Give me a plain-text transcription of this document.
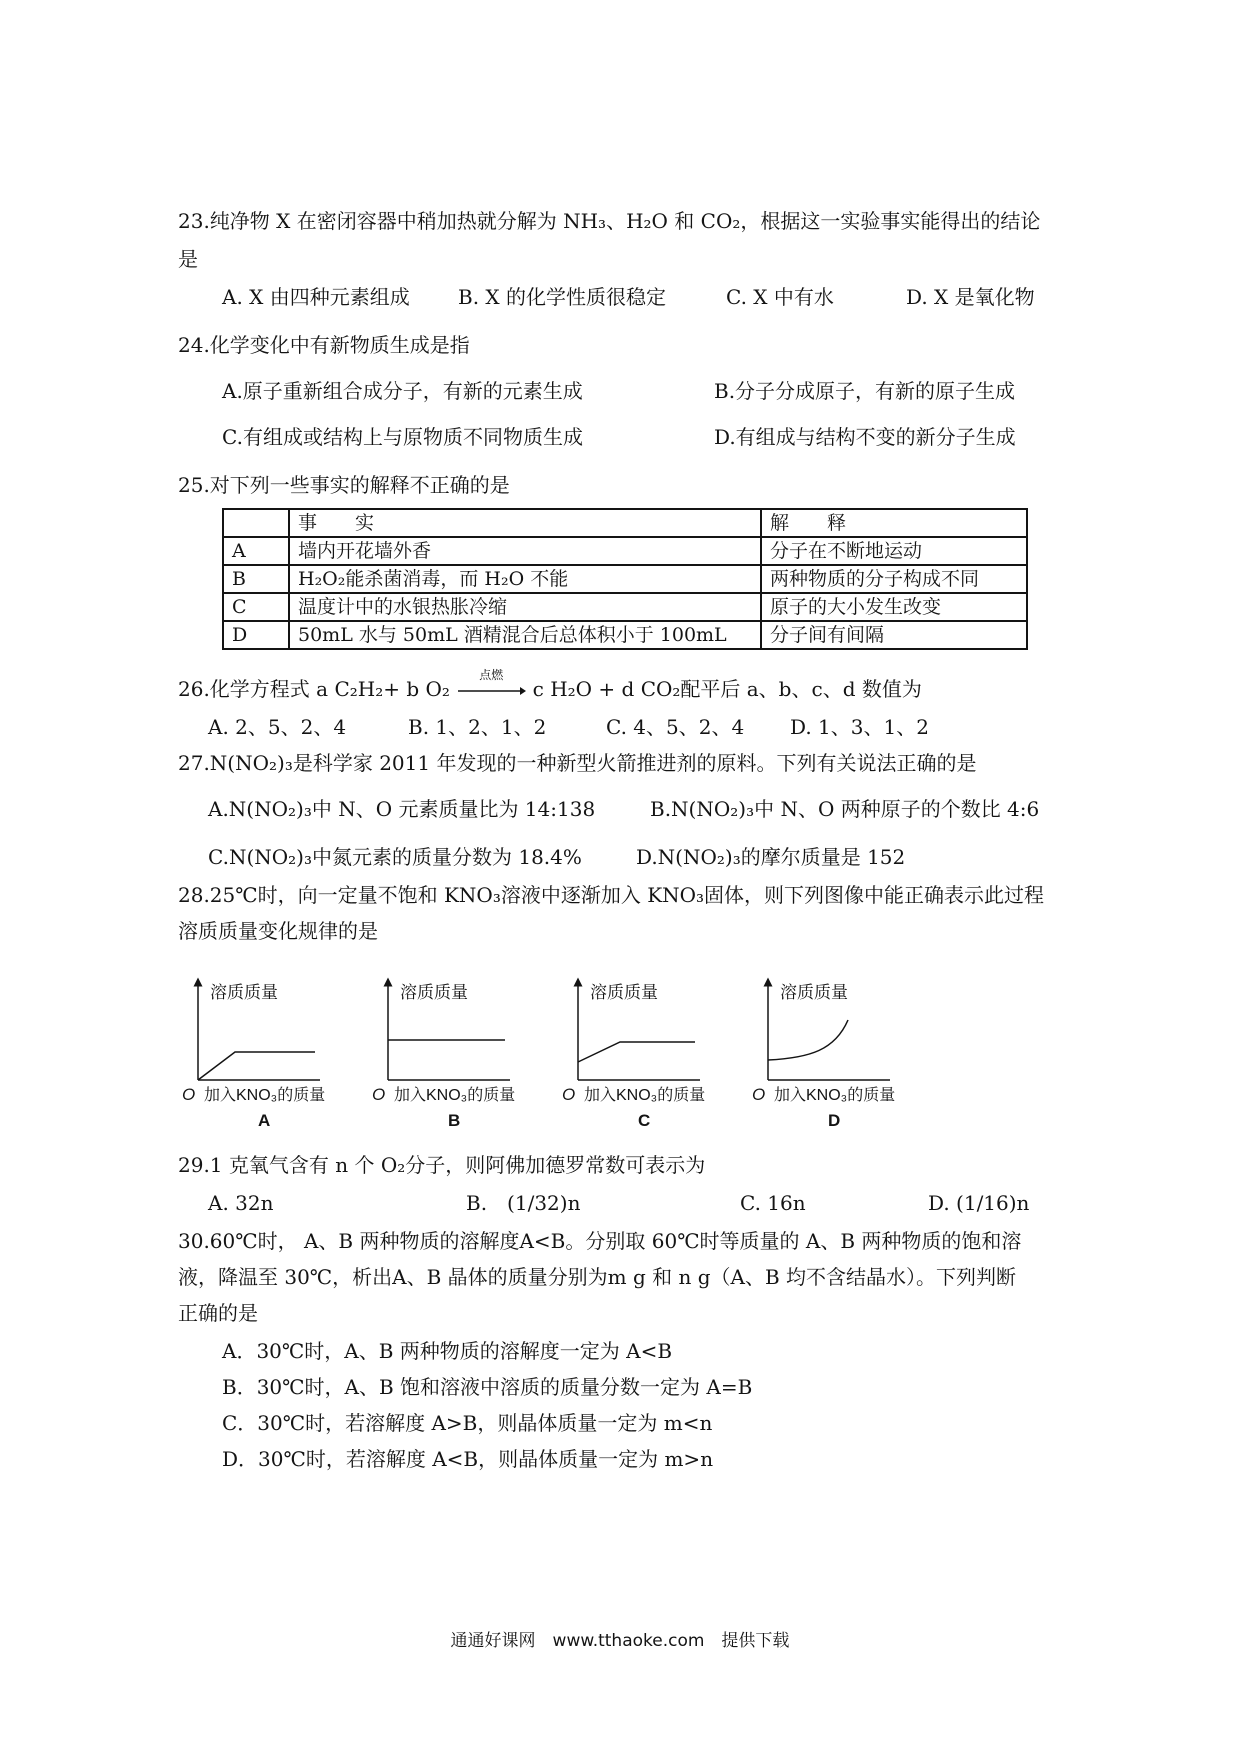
23.纯净物 X 在密闭容器中稍加热就分解为 NH₃、H₂O 和 CO₂，根据这一实验事实能得出的结论
是
A. X 由四种元素组成 B. X 的化学性质很稳定	C. X 中有水	D. X 是氧化物
24.化学变化中有新物质生成是指
A.原子重新组合成分子，有新的元素生成	B.分子分成原子，有新的原子生成
C.有组成或结构上与原物质不同物质生成	D.有组成与结构不变的新分子生成
25.对下列一些事实的解释不正确的是
	事　　实	解　　释
A	墙内开花墙外香	分子在不断地运动
B	H₂O₂能杀菌消毒，而 H₂O 不能	两种物质的分子构成不同
C	温度计中的水银热胀冷缩	原子的大小发生改变
D	50mL 水与 50mL 酒精混合后总体积小于 100mL	分子间有间隔
26.化学方程式 a C₂H₂+ b O₂
点燃
c H₂O + d CO₂配平后 a、b、c、d 数值为
A. 2、5、2、4	B. 1、2、1、2	C. 4、5、2、4 D. 1、3、1、2
27.N(NO₂)₃是科学家 2011 年发现的一种新型火箭推进剂的原料。下列有关说法正确的是
A.N(NO₂)₃中 N、O 元素质量比为 14:138	B.N(NO₂)₃中 N、O 两种原子的个数比 4:6
C.N(NO₂)₃中氮元素的质量分数为 18.4%	D.N(NO₂)₃的摩尔质量是 152
28.25℃时，向一定量不饱和 KNO₃溶液中逐渐加入 KNO₃固体，则下列图像中能正确表示此过程
溶质质量变化规律的是
溶质质量
O 加入KNO₃的质量
A
溶质质量
O 加入KNO₃的质量
B
溶质质量
O 加入KNO₃的质量
C
溶质质量
O 加入KNO₃的质量
D
29.1 克氧气含有 n 个 O₂分子，则阿佛加德罗常数可表示为
A. 32n	B.　(1/32)n	C. 16n	D. (1/16)n
30.60℃时， A、B 两种物质的溶解度A<B。分别取 60℃时等质量的 A、B 两种物质的饱和溶
液，降温至 30℃，析出A、B 晶体的质量分别为m g 和 n g（A、B 均不含结晶水）。下列判断
正确的是
A．30℃时，A、B 两种物质的溶解度一定为 A<B
B．30℃时，A、B 饱和溶液中溶质的质量分数一定为 A=B
C．30℃时，若溶解度 A>B，则晶体质量一定为 m<n
D．30℃时，若溶解度 A<B，则晶体质量一定为 m>n
通通好课网　www.tthaoke.com　提供下载
